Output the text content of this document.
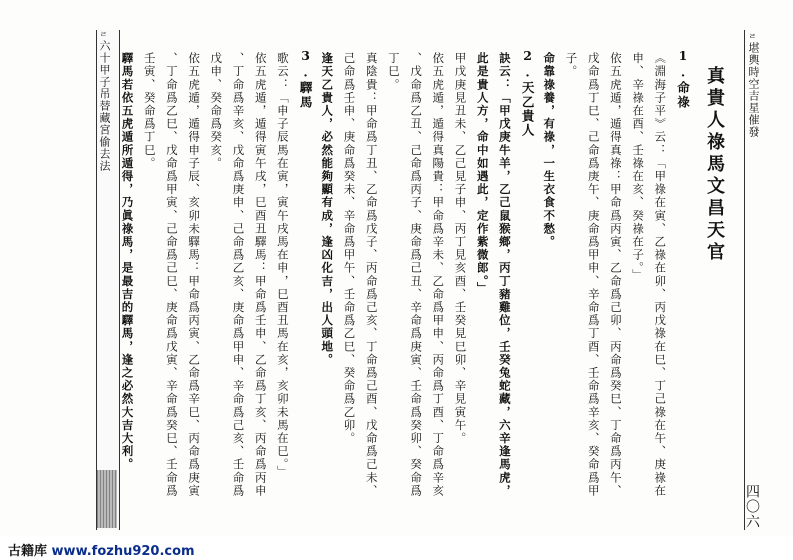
ㄹ
六十甲子吊替藏宮偷去法
ㄹ
堪輿時空吉星催發
四〇六
真貴人祿馬文昌天官
1.命祿
《淵海子平》云：「甲祿在寅、乙祿在卯、丙戊祿在巳、丁己祿在午、庚祿在
申、辛祿在酉、壬祿在亥、癸祿在子。」
依五虎遁，遁得真祿：甲命爲丙寅、乙命爲己卯、丙命爲癸巳、丁命爲丙午、
戊命爲丁巳、己命爲庚午、庚命爲甲申、辛命爲丁酉、壬命爲辛亥、癸命爲甲
子。
命靠祿養，有祿，一生衣食不愁。
2.天乙貴人
訣云：「甲戊庚牛羊，乙己鼠猴鄉，丙丁豬雞位，壬癸兔蛇藏，六辛逢馬虎，
此是貴人方，命中如遇此，定作紫微郎。」
甲戊庚見丑未、乙己見子申、丙丁見亥酉、壬癸見巳卯、辛見寅午。
依五虎遁，遁得真陽貴：甲命爲辛未、乙命爲甲申、丙命爲丁酉、丁命爲辛亥
、戊命爲乙丑、己命爲丙子、庚命爲己丑、辛命爲庚寅、壬命爲癸卯、癸命爲
丁巳。
真陰貴：甲命爲丁丑、乙命爲戊子、丙命爲己亥、丁命爲己酉、戊命爲己未、
己命爲壬申、庚命爲癸未、辛命爲甲午、壬命爲乙巳、癸命爲乙卯。
逢天乙貴人，必然能夠顯有成，逢凶化吉，出人頭地。
3.驛馬
歌云：「申子辰馬在寅，寅午戌馬在申，巳酉丑馬在亥，亥卯未馬在巳。」
依五虎遁，遁得寅午戌，巳酉丑驛馬：甲命爲壬申、乙命爲丁亥、丙命爲丙申
、丁命爲辛亥、戊命爲庚申、己命爲乙亥、庚命爲甲申、辛命爲己亥、壬命爲
戊申、癸命爲癸亥。
依五虎遁，遁得申子辰、亥卯未驛馬：甲命爲丙寅、乙命爲辛巳、丙命爲庚寅
、丁命爲乙巳、戊命爲甲寅、己命爲己巳、庚命爲戊寅、辛命爲癸巳、壬命爲
壬寅、癸命爲丁巳。
驛馬若依五虎遁所遁得，乃眞祿馬，是最吉的驛馬，逢之必然大吉大利。
古籍库 www.fozhu920.com
